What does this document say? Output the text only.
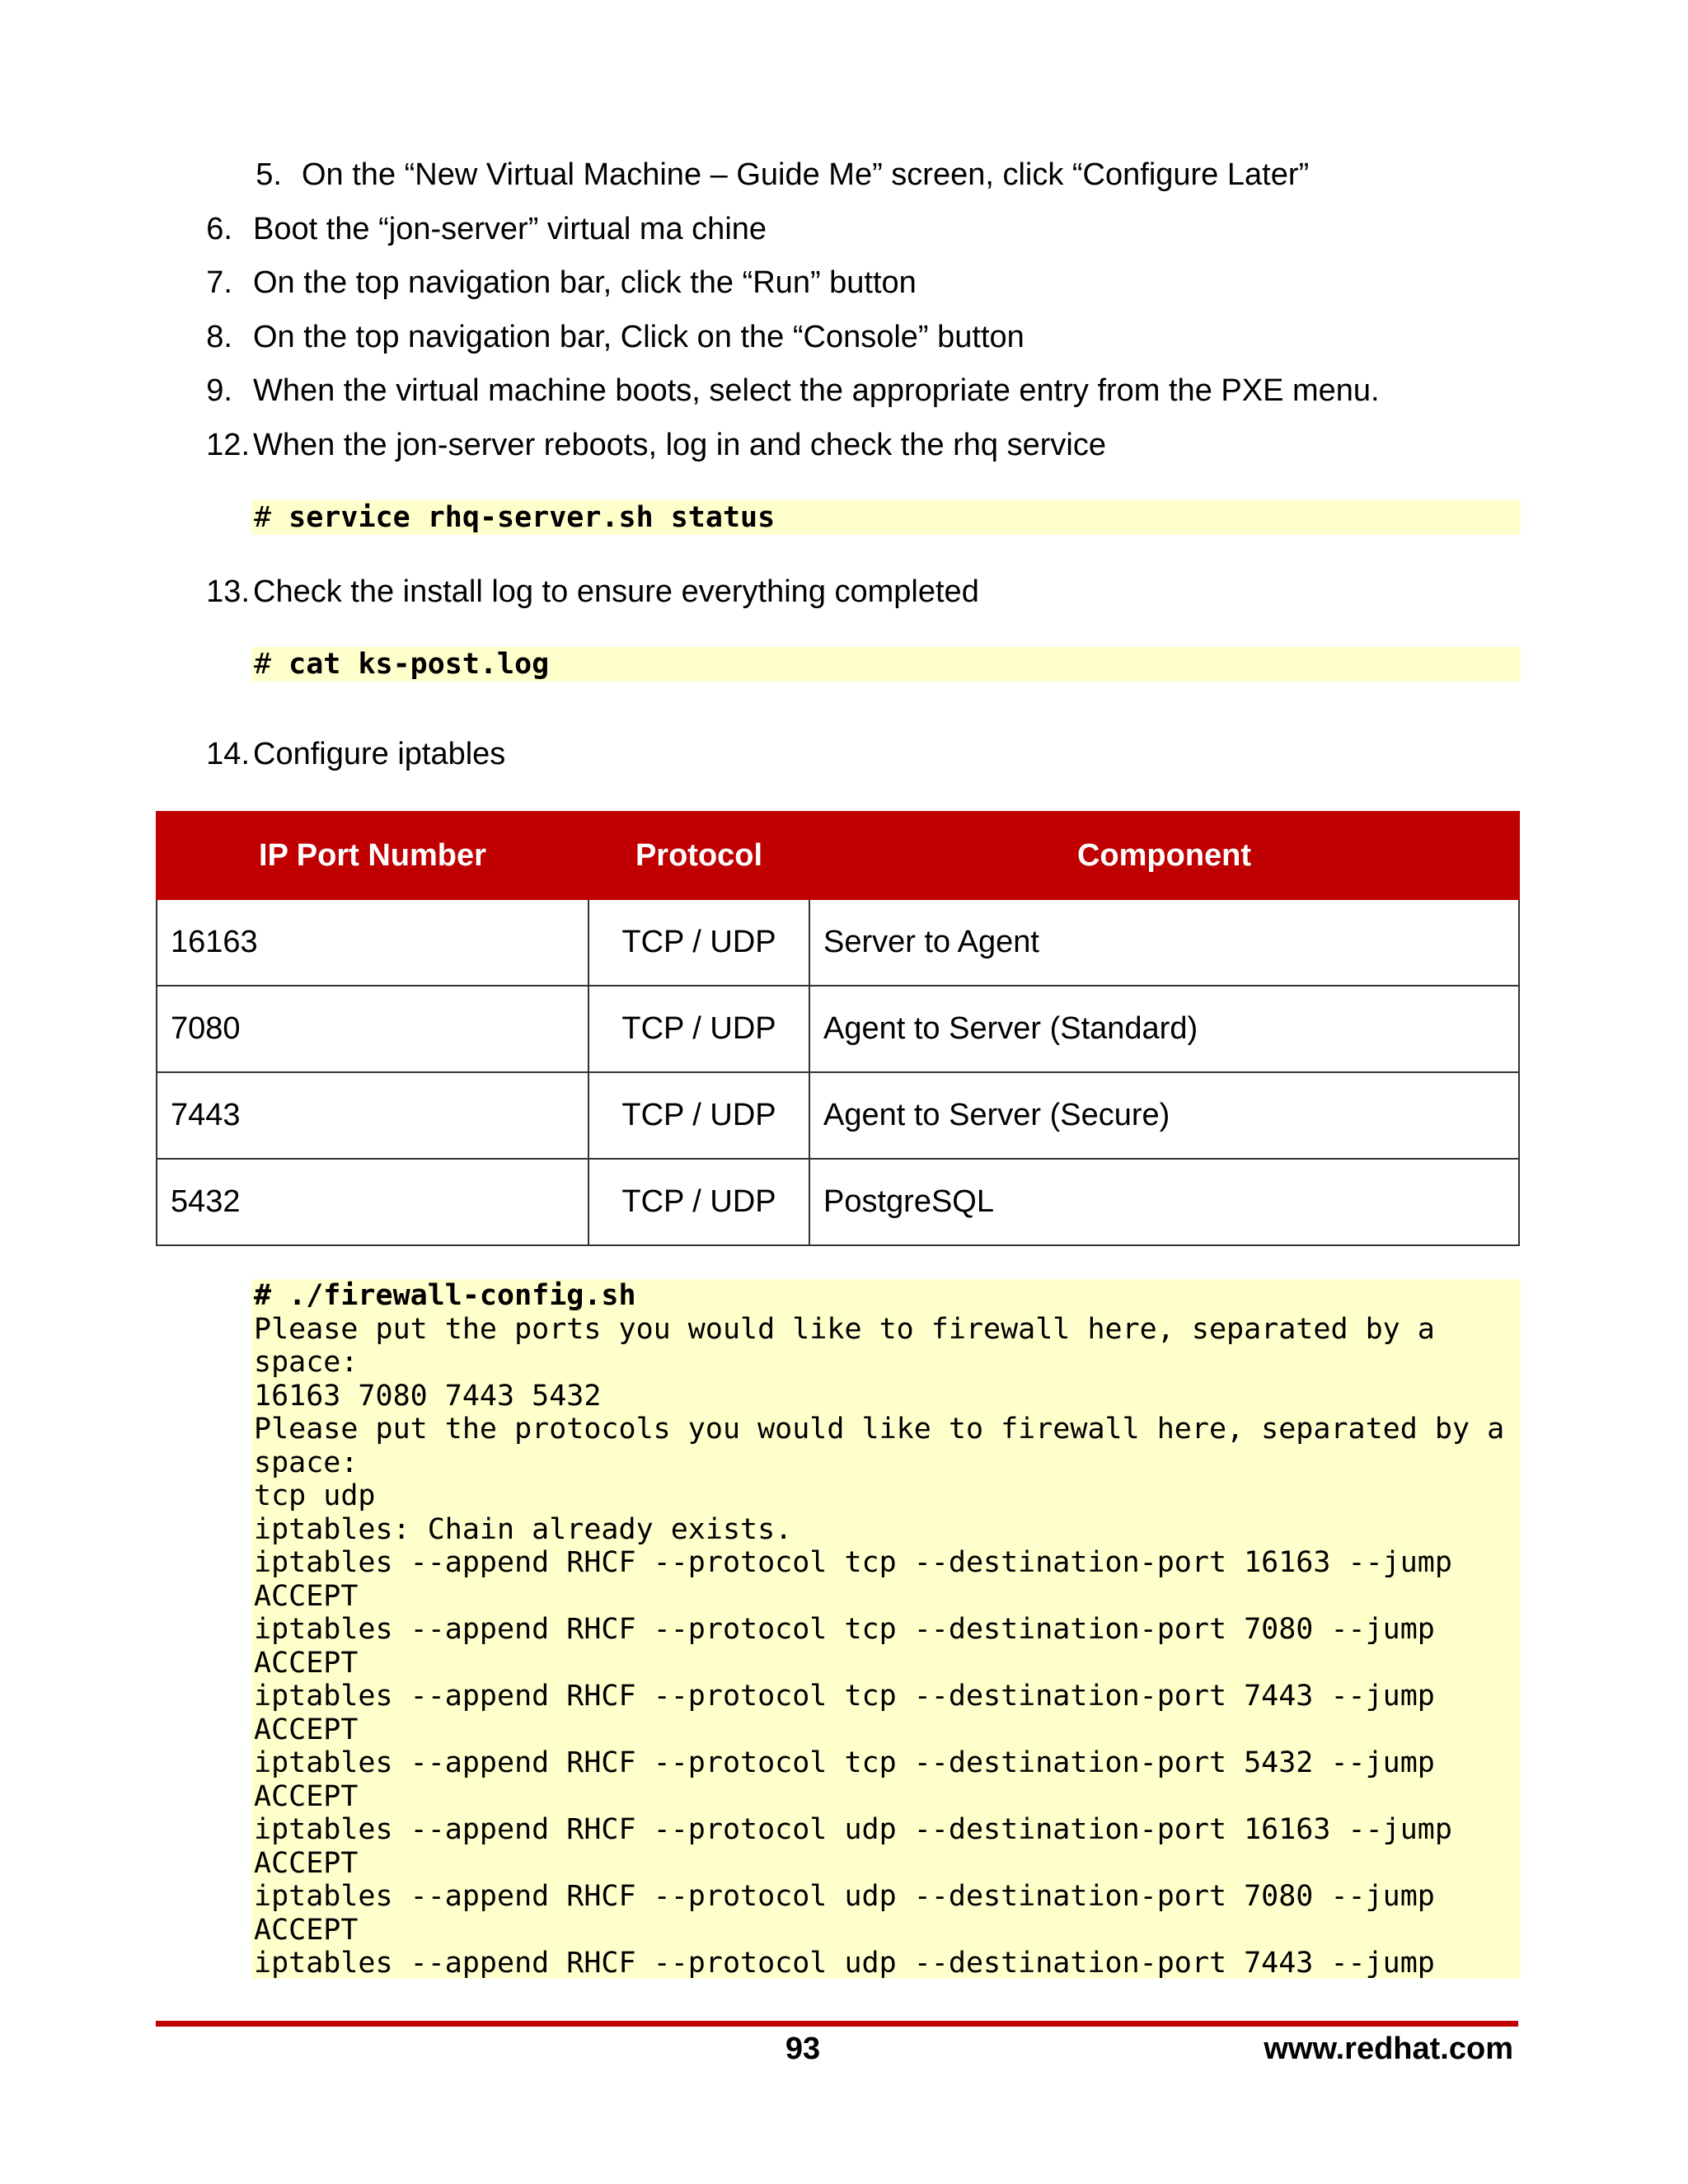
5. On the “New Virtual Machine – Guide Me” screen, click “Configure Later”
6. Boot the “jon-server” virtual ma chine
7. On the top navigation bar, click the “Run” button
8. On the top navigation bar, Click on the “Console” button
9. When the virtual machine boots, select the appropriate entry from the PXE menu.
12. When the jon-server reboots, log in and check the rhq service
13. Check the install log to ensure everything completed
14. Configure iptables
# service rhq-server.sh status
# cat ks-post.log
IP Port Number	Protocol	Component
16163	TCP / UDP	Server to Agent
7080	TCP / UDP	Agent to Server (Standard)
7443	TCP / UDP	Agent to Server (Secure)
5432	TCP / UDP	PostgreSQL
# ./firewall-config.sh
Please put the ports you would like to firewall here, separated by a
space:
16163 7080 7443 5432
Please put the protocols you would like to firewall here, separated by a
space:
tcp udp
iptables: Chain already exists.
iptables --append RHCF --protocol tcp --destination-port 16163 --jump
ACCEPT
iptables --append RHCF --protocol tcp --destination-port 7080 --jump
ACCEPT
iptables --append RHCF --protocol tcp --destination-port 7443 --jump
ACCEPT
iptables --append RHCF --protocol tcp --destination-port 5432 --jump
ACCEPT
iptables --append RHCF --protocol udp --destination-port 16163 --jump
ACCEPT
iptables --append RHCF --protocol udp --destination-port 7080 --jump
ACCEPT
iptables --append RHCF --protocol udp --destination-port 7443 --jump
93	www.redhat.com
